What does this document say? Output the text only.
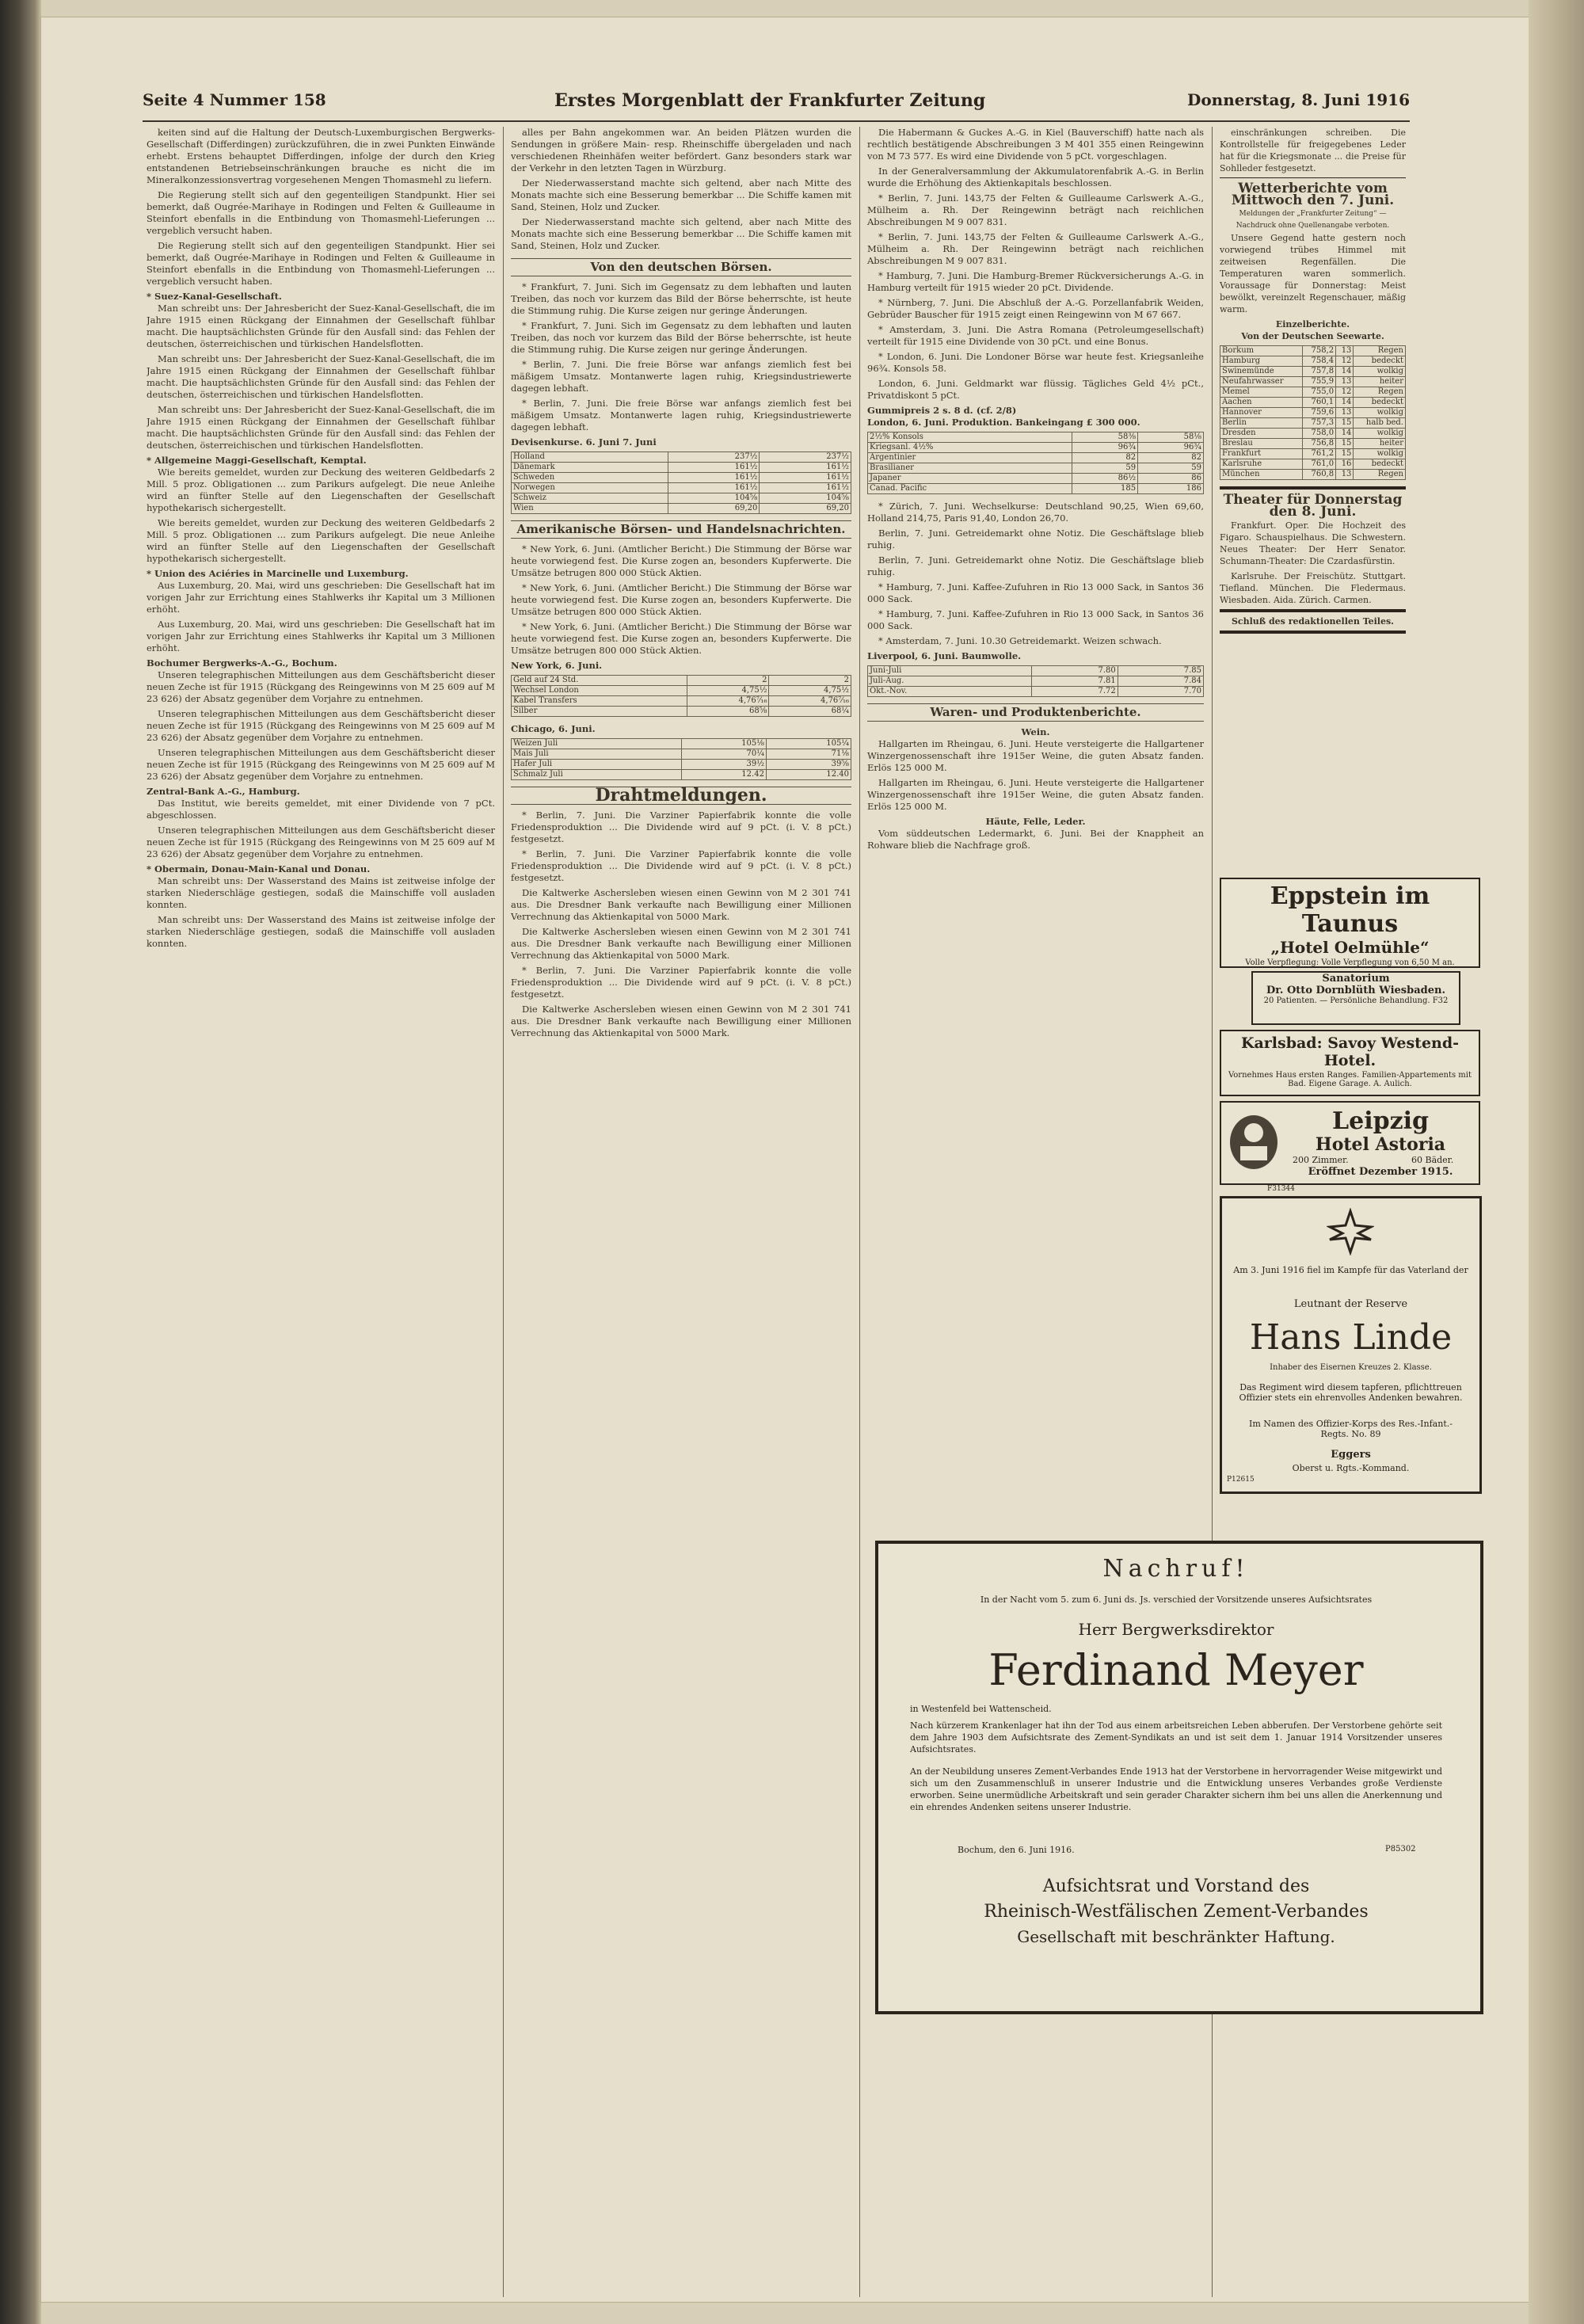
Seite 4 Nummer 158	Erstes Morgenblatt der Frankfurter Zeitung	Donnerstag, 8. Juni 1916

keiten sind auf die Haltung der Deutsch-Luxemburgischen Bergwerks-Gesellschaft (Differdingen) zurückzuführen, die in zwei Punkten Einwände erhebt. Erstens behauptet Differdingen, infolge der durch den Krieg entstandenen Betriebseinschränkungen brauche es nicht die im Mineralkonzessionsvertrag vorgesehenen Mengen Thomasmehl zu liefern.

Die Regierung stellt sich auf den gegenteiligen Standpunkt. Hier sei bemerkt, daß Ougrée-Marihaye in Rodingen und Felten & Guilleaume in Steinfort ebenfalls in die Entbindung von Thomasmehl-Lieferungen ... vergeblich versucht haben.

Die Regierung stellt sich auf den gegenteiligen Standpunkt. Hier sei bemerkt, daß Ougrée-Marihaye in Rodingen und Felten & Guilleaume in Steinfort ebenfalls in die Entbindung von Thomasmehl-Lieferungen ... vergeblich versucht haben.

* Suez-Kanal-Gesellschaft.

Man schreibt uns: Der Jahresbericht der Suez-Kanal-Gesellschaft, die im Jahre 1915 einen Rückgang der Einnahmen der Gesellschaft fühlbar macht. Die hauptsächlichsten Gründe für den Ausfall sind: das Fehlen der deutschen, österreichischen und türkischen Handelsflotten.

Man schreibt uns: Der Jahresbericht der Suez-Kanal-Gesellschaft, die im Jahre 1915 einen Rückgang der Einnahmen der Gesellschaft fühlbar macht. Die hauptsächlichsten Gründe für den Ausfall sind: das Fehlen der deutschen, österreichischen und türkischen Handelsflotten.

Man schreibt uns: Der Jahresbericht der Suez-Kanal-Gesellschaft, die im Jahre 1915 einen Rückgang der Einnahmen der Gesellschaft fühlbar macht. Die hauptsächlichsten Gründe für den Ausfall sind: das Fehlen der deutschen, österreichischen und türkischen Handelsflotten.

* Allgemeine Maggi-Gesellschaft, Kemptal.

Wie bereits gemeldet, wurden zur Deckung des weiteren Geldbedarfs 2 Mill. 5 proz. Obligationen ... zum Parikurs aufgelegt. Die neue Anleihe wird an fünfter Stelle auf den Liegenschaften der Gesellschaft hypothekarisch sichergestellt.

Wie bereits gemeldet, wurden zur Deckung des weiteren Geldbedarfs 2 Mill. 5 proz. Obligationen ... zum Parikurs aufgelegt. Die neue Anleihe wird an fünfter Stelle auf den Liegenschaften der Gesellschaft hypothekarisch sichergestellt.

* Union des Aciéries in Marcinelle und Luxemburg.

Aus Luxemburg, 20. Mai, wird uns geschrieben: Die Gesellschaft hat im vorigen Jahr zur Errichtung eines Stahlwerks ihr Kapital um 3 Millionen erhöht.

Aus Luxemburg, 20. Mai, wird uns geschrieben: Die Gesellschaft hat im vorigen Jahr zur Errichtung eines Stahlwerks ihr Kapital um 3 Millionen erhöht.

Bochumer Bergwerks-A.-G., Bochum.

Unseren telegraphischen Mitteilungen aus dem Geschäftsbericht dieser neuen Zeche ist für 1915 (Rückgang des Reingewinns von M 25 609 auf M 23 626) der Absatz gegenüber dem Vorjahre zu entnehmen.

Unseren telegraphischen Mitteilungen aus dem Geschäftsbericht dieser neuen Zeche ist für 1915 (Rückgang des Reingewinns von M 25 609 auf M 23 626) der Absatz gegenüber dem Vorjahre zu entnehmen.

Unseren telegraphischen Mitteilungen aus dem Geschäftsbericht dieser neuen Zeche ist für 1915 (Rückgang des Reingewinns von M 25 609 auf M 23 626) der Absatz gegenüber dem Vorjahre zu entnehmen.

Zentral-Bank A.-G., Hamburg.

Das Institut, wie bereits gemeldet, mit einer Dividende von 7 pCt. abgeschlossen.

Unseren telegraphischen Mitteilungen aus dem Geschäftsbericht dieser neuen Zeche ist für 1915 (Rückgang des Reingewinns von M 25 609 auf M 23 626) der Absatz gegenüber dem Vorjahre zu entnehmen.

* Obermain, Donau-Main-Kanal und Donau.

Man schreibt uns: Der Wasserstand des Mains ist zeitweise infolge der starken Niederschläge gestiegen, sodaß die Mainschiffe voll ausladen konnten.

Man schreibt uns: Der Wasserstand des Mains ist zeitweise infolge der starken Niederschläge gestiegen, sodaß die Mainschiffe voll ausladen konnten.

alles per Bahn angekommen war. An beiden Plätzen wurden die Sendungen in größere Main- resp. Rheinschiffe übergeladen und nach verschiedenen Rheinhäfen weiter befördert. Ganz besonders stark war der Verkehr in den letzten Tagen in Würzburg.

Der Niederwasserstand machte sich geltend, aber nach Mitte des Monats machte sich eine Besserung bemerkbar ... Die Schiffe kamen mit Sand, Steinen, Holz und Zucker.

Der Niederwasserstand machte sich geltend, aber nach Mitte des Monats machte sich eine Besserung bemerkbar ... Die Schiffe kamen mit Sand, Steinen, Holz und Zucker.

Von den deutschen Börsen.

* Frankfurt, 7. Juni. Sich im Gegensatz zu dem lebhaften und lauten Treiben, das noch vor kurzem das Bild der Börse beherrschte, ist heute die Stimmung ruhig. Die Kurse zeigen nur geringe Änderungen.

* Frankfurt, 7. Juni. Sich im Gegensatz zu dem lebhaften und lauten Treiben, das noch vor kurzem das Bild der Börse beherrschte, ist heute die Stimmung ruhig. Die Kurse zeigen nur geringe Änderungen.

* Berlin, 7. Juni. Die freie Börse war anfangs ziemlich fest bei mäßigem Umsatz. Montanwerte lagen ruhig, Kriegsindustriewerte dagegen lebhaft.

* Berlin, 7. Juni. Die freie Börse war anfangs ziemlich fest bei mäßigem Umsatz. Montanwerte lagen ruhig, Kriegsindustriewerte dagegen lebhaft.

Devisenkurse. 6. Juni 7. Juni
Holland	237½	237½
Dänemark	161½	161½
Schweden	161½	161½
Norwegen	161½	161½
Schweiz	104⅝	104⅝
Wien	69,20	69,20
Amerikanische Börsen- und Handelsnachrichten.

* New York, 6. Juni. (Amtlicher Bericht.) Die Stimmung der Börse war heute vorwiegend fest. Die Kurse zogen an, besonders Kupferwerte. Die Umsätze betrugen 800 000 Stück Aktien.

* New York, 6. Juni. (Amtlicher Bericht.) Die Stimmung der Börse war heute vorwiegend fest. Die Kurse zogen an, besonders Kupferwerte. Die Umsätze betrugen 800 000 Stück Aktien.

* New York, 6. Juni. (Amtlicher Bericht.) Die Stimmung der Börse war heute vorwiegend fest. Die Kurse zogen an, besonders Kupferwerte. Die Umsätze betrugen 800 000 Stück Aktien.

New York, 6. Juni.
Geld auf 24 Std.	2	2
Wechsel London	4,75½	4,75½
Kabel Transfers	4,76⁷⁄₁₆	4,76⁷⁄₁₆
Silber	68⅝	68¼
Chicago, 6. Juni.
Weizen Juli	105⅛	105¼
Mais Juli	70¼	71⅛
Hafer Juli	39½	39⅝
Schmalz Juli	12.42	12.40
Drahtmeldungen.

* Berlin, 7. Juni. Die Varziner Papierfabrik konnte die volle Friedensproduktion ... Die Dividende wird auf 9 pCt. (i. V. 8 pCt.) festgesetzt.

* Berlin, 7. Juni. Die Varziner Papierfabrik konnte die volle Friedensproduktion ... Die Dividende wird auf 9 pCt. (i. V. 8 pCt.) festgesetzt.

Die Kaltwerke Aschersleben wiesen einen Gewinn von M 2 301 741 aus. Die Dresdner Bank verkaufte nach Bewilligung einer Millionen Verrechnung das Aktienkapital von 5000 Mark.

Die Kaltwerke Aschersleben wiesen einen Gewinn von M 2 301 741 aus. Die Dresdner Bank verkaufte nach Bewilligung einer Millionen Verrechnung das Aktienkapital von 5000 Mark.

* Berlin, 7. Juni. Die Varziner Papierfabrik konnte die volle Friedensproduktion ... Die Dividende wird auf 9 pCt. (i. V. 8 pCt.) festgesetzt.

Die Kaltwerke Aschersleben wiesen einen Gewinn von M 2 301 741 aus. Die Dresdner Bank verkaufte nach Bewilligung einer Millionen Verrechnung das Aktienkapital von 5000 Mark.

Die Habermann & Guckes A.-G. in Kiel (Bauverschiff) hatte nach als rechtlich bestätigende Abschreibungen 3 M 401 355 einen Reingewinn von M 73 577. Es wird eine Dividende von 5 pCt. vorgeschlagen.

In der Generalversammlung der Akkumulatorenfabrik A.-G. in Berlin wurde die Erhöhung des Aktienkapitals beschlossen.

* Berlin, 7. Juni. 143,75 der Felten & Guilleaume Carlswerk A.-G., Mülheim a. Rh. Der Reingewinn beträgt nach reichlichen Abschreibungen M 9 007 831.

* Berlin, 7. Juni. 143,75 der Felten & Guilleaume Carlswerk A.-G., Mülheim a. Rh. Der Reingewinn beträgt nach reichlichen Abschreibungen M 9 007 831.

* Hamburg, 7. Juni. Die Hamburg-Bremer Rückversicherungs A.-G. in Hamburg verteilt für 1915 wieder 20 pCt. Dividende.

* Nürnberg, 7. Juni. Die Abschluß der A.-G. Porzellanfabrik Weiden, Gebrüder Bauscher für 1915 zeigt einen Reingewinn von M 67 667.

* Amsterdam, 3. Juni. Die Astra Romana (Petroleumgesellschaft) verteilt für 1915 eine Dividende von 30 pCt. und eine Bonus.

* London, 6. Juni. Die Londoner Börse war heute fest. Kriegsanleihe 96¾. Konsols 58.

London, 6. Juni. Geldmarkt war flüssig. Tägliches Geld 4½ pCt., Privatdiskont 5 pCt.

Gummipreis 2 s. 8 d. (cf. 2/8)
London, 6. Juni. Produktion. Bankeingang £ 300 000.
2½% Konsols	58⅜	58⅛
Kriegsanl. 4½%	96¾	96¾
Argentinier	82	82
Brasilianer	59	59
Japaner	86½	86
Canad. Pacific	185	186

* Zürich, 7. Juni. Wechselkurse: Deutschland 90,25, Wien 69,60, Holland 214,75, Paris 91,40, London 26,70.

Berlin, 7. Juni. Getreidemarkt ohne Notiz. Die Geschäftslage blieb ruhig.

Berlin, 7. Juni. Getreidemarkt ohne Notiz. Die Geschäftslage blieb ruhig.

* Hamburg, 7. Juni. Kaffee-Zufuhren in Rio 13 000 Sack, in Santos 36 000 Sack.

* Hamburg, 7. Juni. Kaffee-Zufuhren in Rio 13 000 Sack, in Santos 36 000 Sack.

* Amsterdam, 7. Juni. 10.30 Getreidemarkt. Weizen schwach.

Liverpool, 6. Juni. Baumwolle.
Juni-Juli	7.80	7.85
Juli-Aug.	7.81	7.84
Okt.-Nov.	7.72	7.70
Waren- und Produktenberichte.
Wein.

Hallgarten im Rheingau, 6. Juni. Heute versteigerte die Hallgartener Winzergenossenschaft ihre 1915er Weine, die guten Absatz fanden. Erlös 125 000 M.

Hallgarten im Rheingau, 6. Juni. Heute versteigerte die Hallgartener Winzergenossenschaft ihre 1915er Weine, die guten Absatz fanden. Erlös 125 000 M.

Häute, Felle, Leder.

Vom süddeutschen Ledermarkt, 6. Juni. Bei der Knappheit an Rohware blieb die Nachfrage groß.

einschränkungen schreiben. Die Kontrollstelle für freigegebenes Leder hat für die Kriegsmonate ... die Preise für Sohlleder festgesetzt.

Wetterberichte vom Mittwoch den 7. Juni.
Meldungen der „Frankfurter Zeitung“ — Nachdruck ohne Quellenangabe verboten.

Unsere Gegend hatte gestern noch vorwiegend trübes Himmel mit zeitweisen Regenfällen. Die Temperaturen waren sommerlich. Voraussage für Donnerstag: Meist bewölkt, vereinzelt Regenschauer, mäßig warm.

Einzelberichte.
Von der Deutschen Seewarte.
Borkum	758,2	13	Regen
Hamburg	758,4	12	bedeckt
Swinemünde	757,8	14	wolkig
Neufahrwasser	755,9	13	heiter
Memel	755,0	12	Regen
Aachen	760,1	14	bedeckt
Hannover	759,6	13	wolkig
Berlin	757,3	15	halb bed.
Dresden	758,0	14	wolkig
Breslau	756,8	15	heiter
Frankfurt	761,2	15	wolkig
Karlsruhe	761,0	16	bedeckt
München	760,8	13	Regen
Theater für Donnerstag den 8. Juni.

Frankfurt. Oper. Die Hochzeit des Figaro. Schauspielhaus. Die Schwestern. Neues Theater: Der Herr Senator. Schumann-Theater: Die Czardasfürstin.

Karlsruhe. Der Freischütz. Stuttgart. Tiefland. München. Die Fledermaus. Wiesbaden. Aida. Zürich. Carmen.

Schluß des redaktionellen Teiles.
Eppstein im Taunus
„Hotel Oelmühle“
Volle Verpflegung: Volle Verpflegung von 6,50 M an.
Sanatorium
Dr. Otto Dornblüth Wiesbaden.
20 Patienten. — Persönliche Behandlung. F32
Karlsbad: Savoy Westend-Hotel.
Vornehmes Haus ersten Ranges. Familien-Appartements mit Bad. Eigene Garage. A. Aulich.
Leipzig
Hotel Astoria
200 Zimmer.	60 Bäder.
Eröffnet Dezember 1915.
F31344
Am 3. Juni 1916 fiel im Kampfe für das Vaterland der
Leutnant der Reserve
Hans Linde
Inhaber des Eisernen Kreuzes 2. Klasse.
Das Regiment wird diesem tapferen, pflichttreuen Offizier stets ein ehrenvolles Andenken bewahren.
Im Namen des Offizier-Korps des Res.-Infant.-Regts. No. 89
Eggers
Oberst u. Rgts.-Kommand.
P12615
Nachruf!
In der Nacht vom 5. zum 6. Juni ds. Js. verschied der Vorsitzende unseres Aufsichtsrates
Herr Bergwerksdirektor
Ferdinand Meyer
in Westenfeld bei Wattenscheid.
Nach kürzerem Krankenlager hat ihn der Tod aus einem arbeitsreichen Leben abberufen. Der Verstorbene gehörte seit dem Jahre 1903 dem Aufsichtsrate des Zement-Syndikats an und ist seit dem 1. Januar 1914 Vorsitzender unseres Aufsichtsrates.
An der Neubildung unseres Zement-Verbandes Ende 1913 hat der Verstorbene in hervorragender Weise mitgewirkt und sich um den Zusammenschluß in unserer Industrie und die Entwicklung unseres Verbandes große Verdienste erworben. Seine unermüdliche Arbeitskraft und sein gerader Charakter sichern ihm bei uns allen die Anerkennung und ein ehrendes Andenken seitens unserer Industrie.
Bochum, den 6. Juni 1916.	P85302
Aufsichtsrat und Vorstand des
Rheinisch-Westfälischen Zement-Verbandes
Gesellschaft mit beschränkter Haftung.
